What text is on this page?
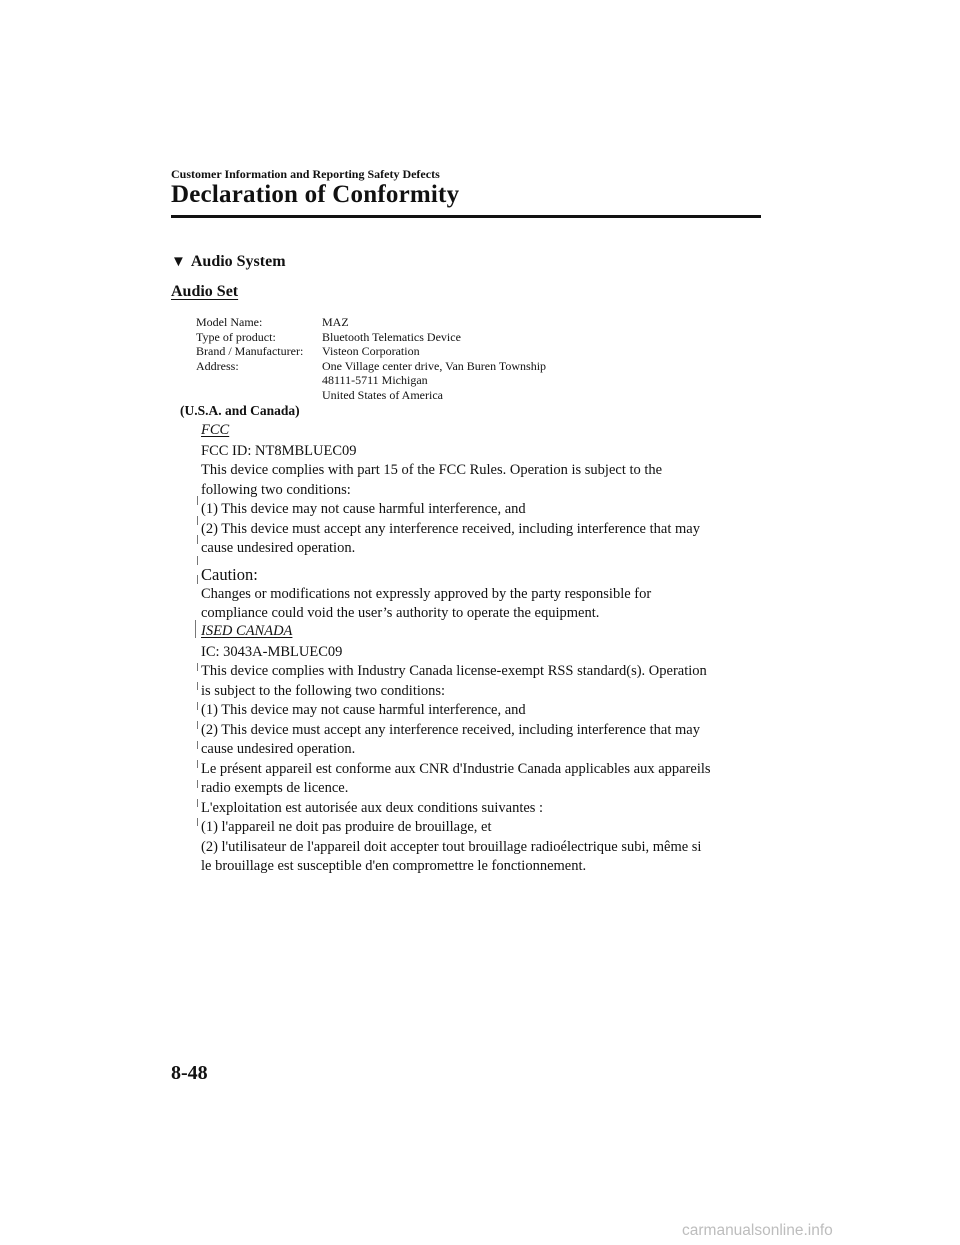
Customer Information and Reporting Safety Defects
Declaration of Conformity
▼ Audio System
Audio Set
Model Name:	MAZ
Type of product:	Bluetooth Telematics Device
Brand / Manufacturer:	Visteon Corporation
Address:	One Village center drive, Van Buren Township
48111-5711 Michigan
United States of America
(U.S.A. and Canada)
FCC
FCC ID: NT8MBLUEC09
This device complies with part 15 of the FCC Rules. Operation is subject to the
following two conditions:
(1) This device may not cause harmful interference, and
(2) This device must accept any interference received, including interference that may
cause undesired operation.
Caution:
Changes or modifications not expressly approved by the party responsible for
compliance could void the user’s authority to operate the equipment.
ISED CANADA
IC: 3043A-MBLUEC09
This device complies with Industry Canada license-exempt RSS standard(s). Operation
is subject to the following two conditions:
(1) This device may not cause harmful interference, and
(2) This device must accept any interference received, including interference that may
cause undesired operation.
Le présent appareil est conforme aux CNR d'Industrie Canada applicables aux appareils
radio exempts de licence.
L'exploitation est autorisée aux deux conditions suivantes :
(1) l'appareil ne doit pas produire de brouillage, et
(2) l'utilisateur de l'appareil doit accepter tout brouillage radioélectrique subi, même si
le brouillage est susceptible d'en compromettre le fonctionnement.
8-48
carmanualsonline.info
